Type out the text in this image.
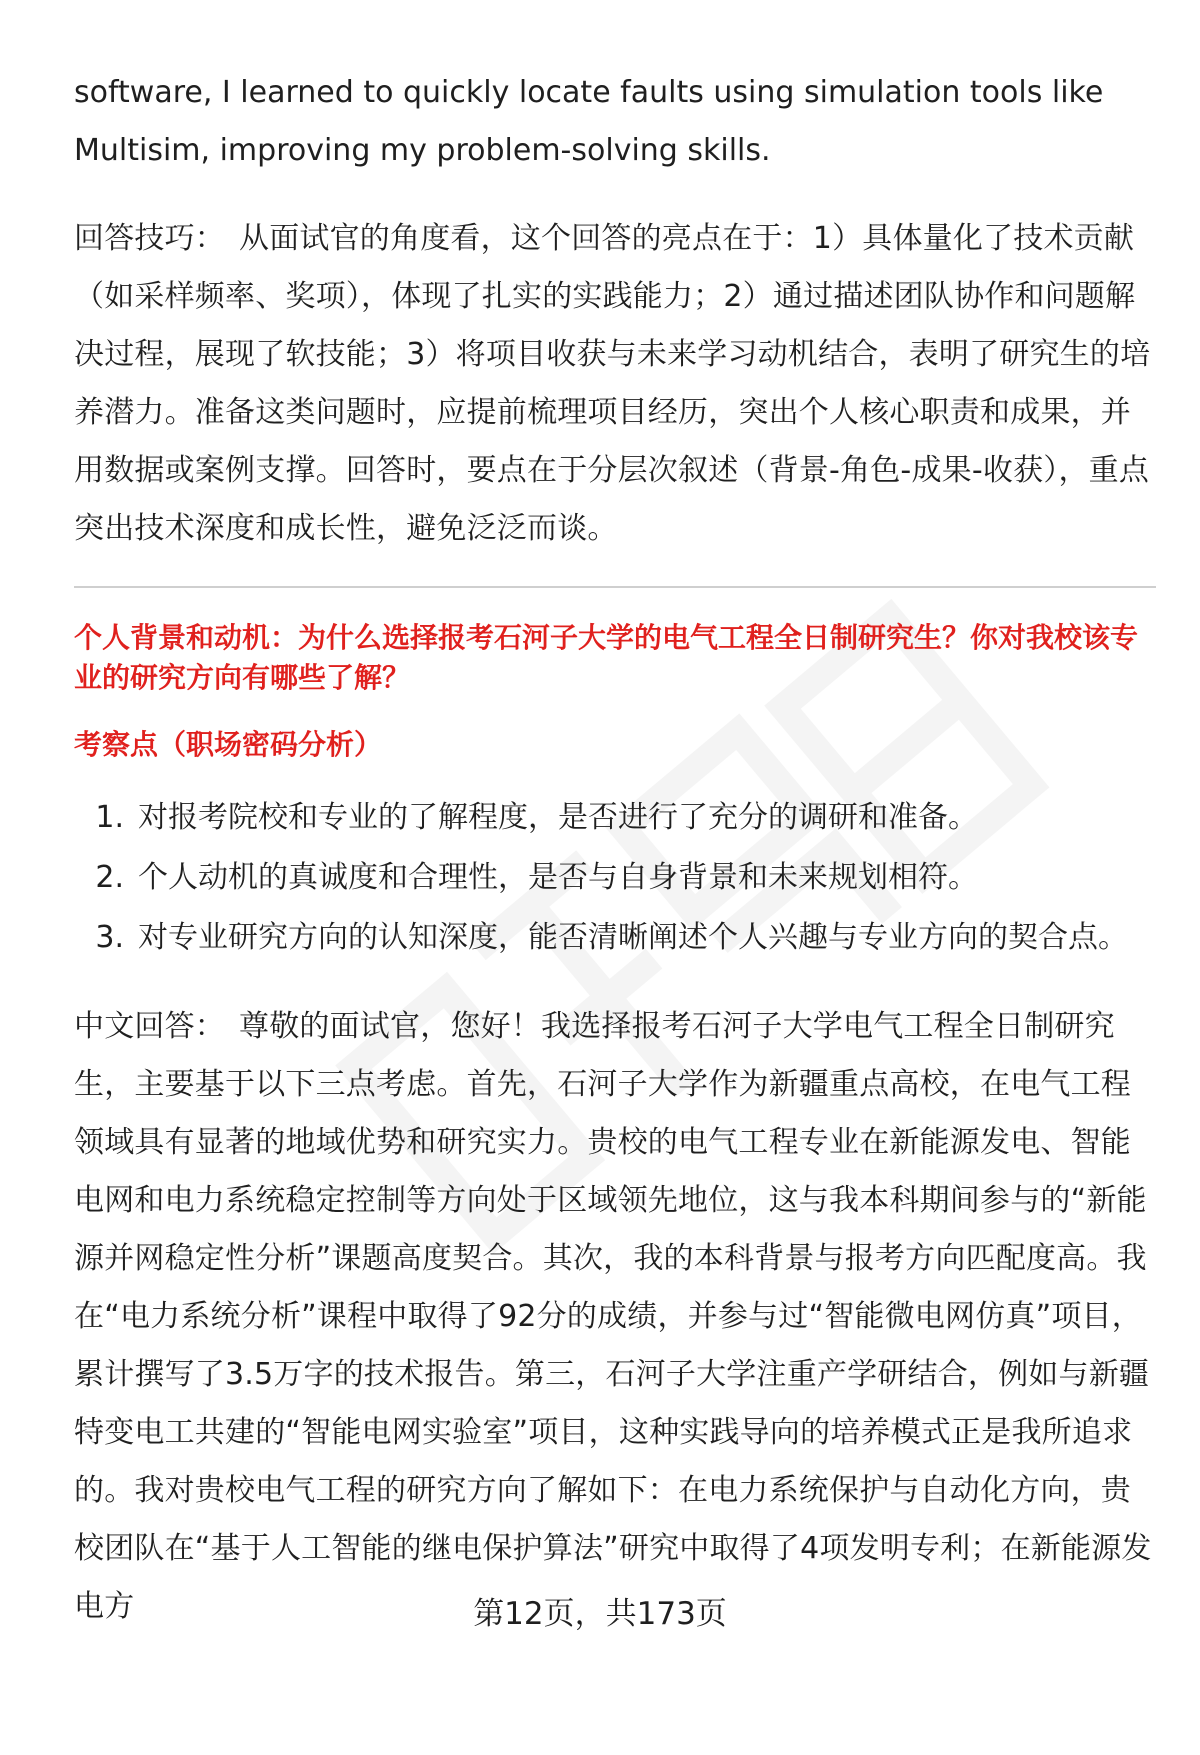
software, I learned to quickly locate faults using simulation tools like
Multisim, improving my problem-solving skills.

回答技巧： 从面试官的角度看，这个回答的亮点在于：1）具体量化了技术贡献（如采样频率、奖项），体现了扎实的实践能力；2）通过描述团队协作和问题解决过程，展现了软技能；3）将项目收获与未来学习动机结合，表明了研究生的培养潜力。准备这类问题时，应提前梳理项目经历，突出个人核心职责和成果，并用数据或案例支撑。回答时，要点在于分层次叙述（背景-角色-成果-收获），重点突出技术深度和成长性，避免泛泛而谈。

个人背景和动机：为什么选择报考石河子大学的电气工程全日制研究生？你对我校该专业的研究方向有哪些了解？

考察点（职场密码分析）

1. 对报考院校和专业的了解程度，是否进行了充分的调研和准备。
2. 个人动机的真诚度和合理性，是否与自身背景和未来规划相符。
3. 对专业研究方向的认知深度，能否清晰阐述个人兴趣与专业方向的契合点。

中文回答： 尊敬的面试官，您好！我选择报考石河子大学电气工程全日制研究生，主要基于以下三点考虑。首先，石河子大学作为新疆重点高校，在电气工程领域具有显著的地域优势和研究实力。贵校的电气工程专业在新能源发电、智能电网和电力系统稳定控制等方向处于区域领先地位，这与我本科期间参与的“新能源并网稳定性分析”课题高度契合。其次，我的本科背景与报考方向匹配度高。我在“电力系统分析”课程中取得了92分的成绩，并参与过“智能微电网仿真”项目，累计撰写了3.5万字的技术报告。第三，石河子大学注重产学研结合，例如与新疆特变电工共建的“智能电网实验室”项目，这种实践导向的培养模式正是我所追求的。我对贵校电气工程的研究方向了解如下：在电力系统保护与自动化方向，贵校团队在“基于人工智能的继电保护算法”研究中取得了4项发明专利；在新能源发电方	第12页，共173页
